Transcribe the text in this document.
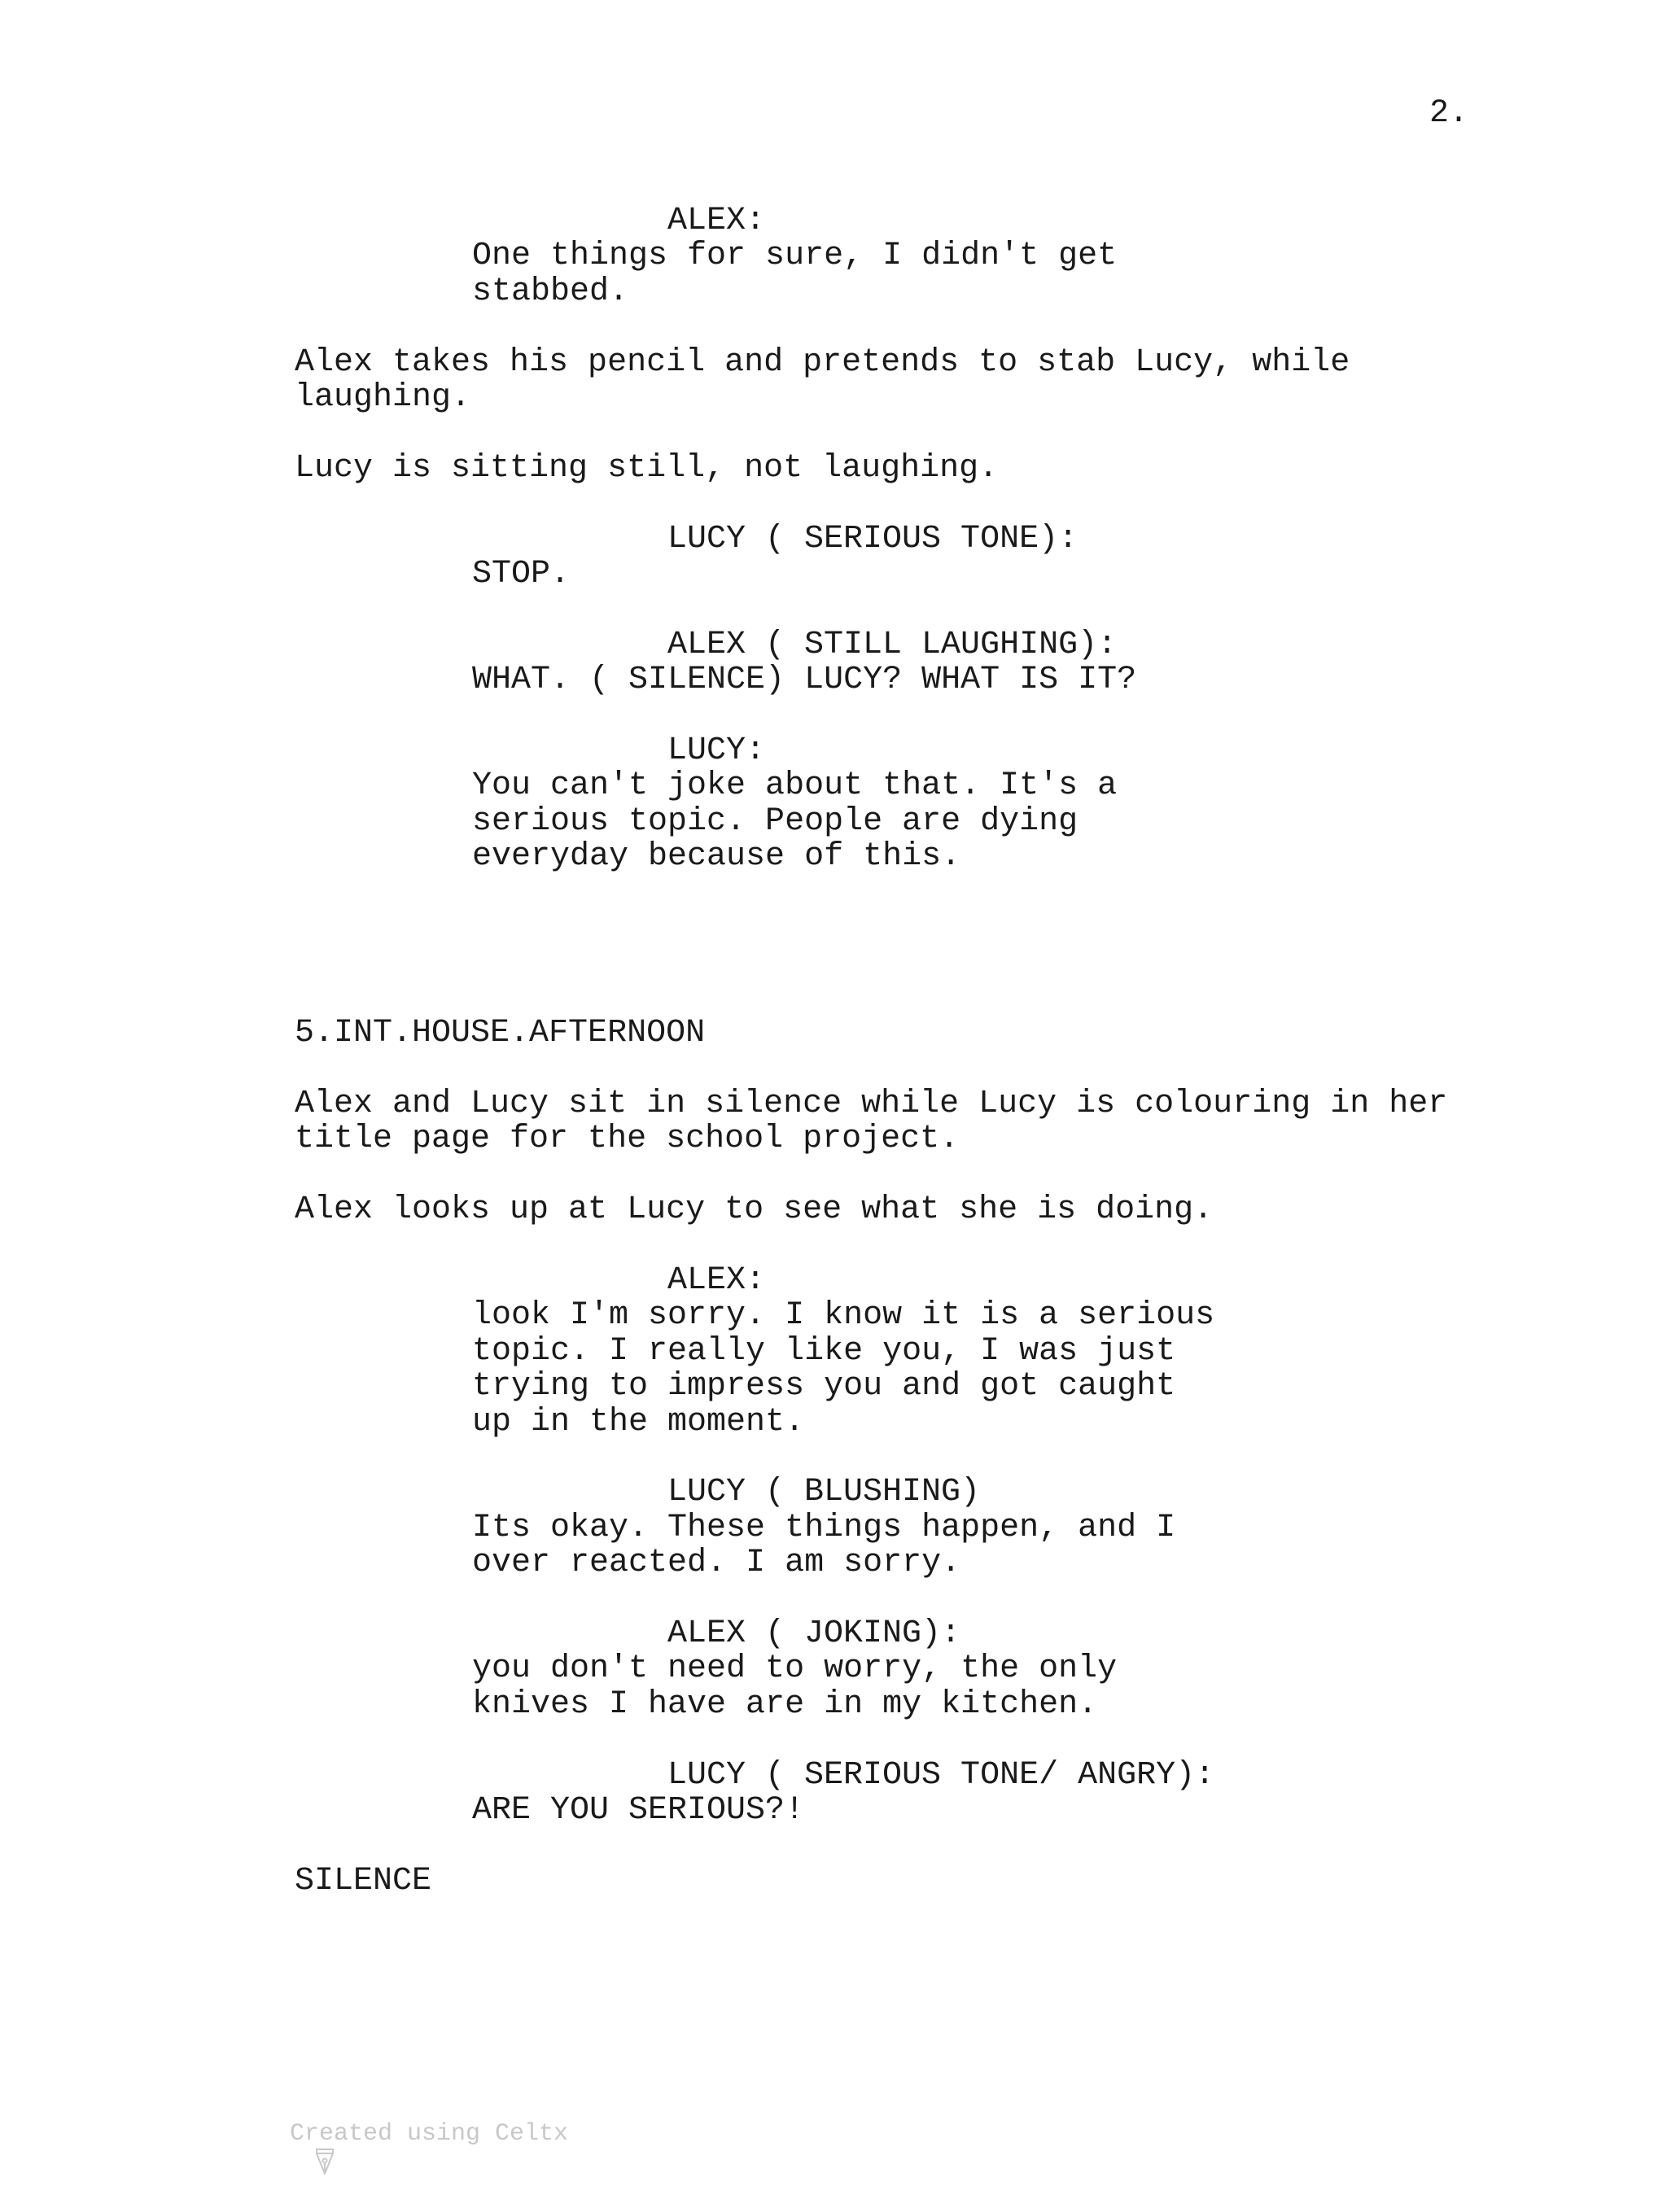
2.
ALEX:
One things for sure, I didn't get
stabbed.
Alex takes his pencil and pretends to stab Lucy, while
laughing.
Lucy is sitting still, not laughing.
LUCY ( SERIOUS TONE):
STOP.
ALEX ( STILL LAUGHING):
WHAT. ( SILENCE) LUCY? WHAT IS IT?
LUCY:
You can't joke about that. It's a
serious topic. People are dying
everyday because of this.
5.INT.HOUSE.AFTERNOON
Alex and Lucy sit in silence while Lucy is colouring in her
title page for the school project.
Alex looks up at Lucy to see what she is doing.
ALEX:
look I'm sorry. I know it is a serious
topic. I really like you, I was just
trying to impress you and got caught
up in the moment.
LUCY ( BLUSHING)
Its okay. These things happen, and I
over reacted. I am sorry.
ALEX ( JOKING):
you don't need to worry, the only
knives I have are in my kitchen.
LUCY ( SERIOUS TONE/ ANGRY):
ARE YOU SERIOUS?!
SILENCE

Created using Celtx
